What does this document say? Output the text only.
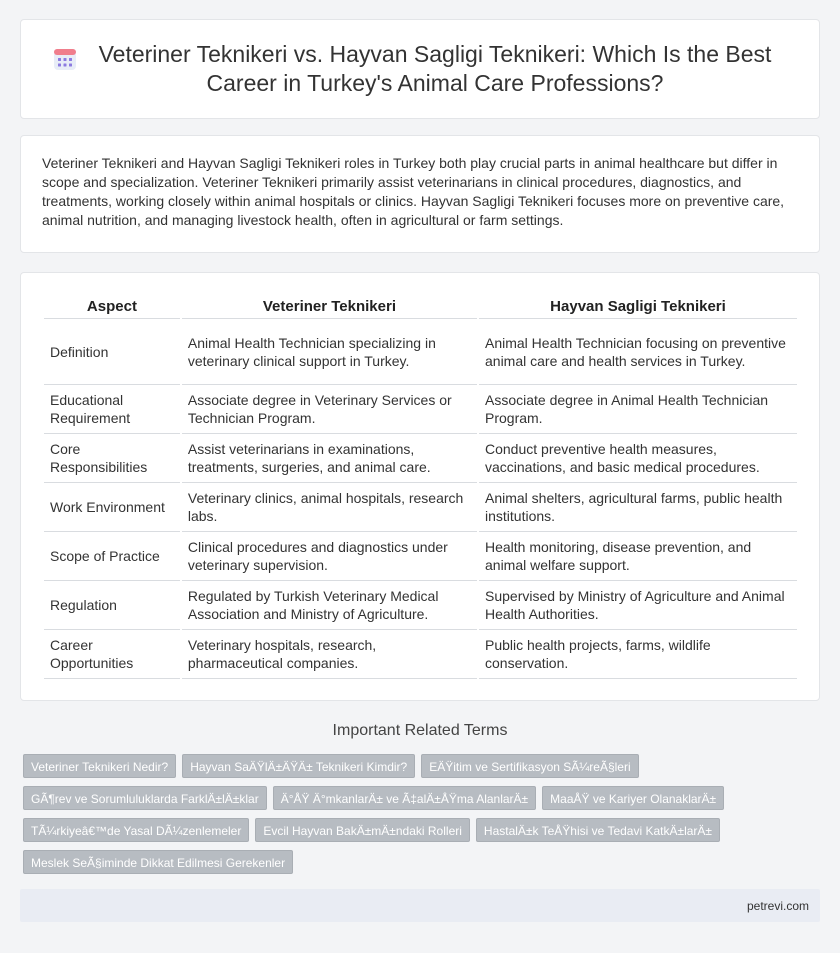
Veteriner Teknikeri vs. Hayvan Sagligi Teknikeri: Which Is the Best Career in Turkey's Animal Care Professions?

Veteriner Teknikeri and Hayvan Sagligi Teknikeri roles in Turkey both play crucial parts in animal healthcare but differ in scope and specialization. Veteriner Teknikeri primarily assist veterinarians in clinical procedures, diagnostics, and treatments, working closely within animal hospitals or clinics. Hayvan Sagligi Teknikeri focuses more on preventive care, animal nutrition, and managing livestock health, often in agricultural or farm settings.

Aspect	Veteriner Teknikeri	Hayvan Sagligi Teknikeri
Definition	Animal Health Technician specializing in veterinary clinical support in Turkey.	Animal Health Technician focusing on preventive animal care and health services in Turkey.
Educational Requirement	Associate degree in Veterinary Services or Technician Program.	Associate degree in Animal Health Technician Program.
Core Responsibilities	Assist veterinarians in examinations, treatments, surgeries, and animal care.	Conduct preventive health measures, vaccinations, and basic medical procedures.
Work Environment	Veterinary clinics, animal hospitals, research labs.	Animal shelters, agricultural farms, public health institutions.
Scope of Practice	Clinical procedures and diagnostics under veterinary supervision.	Health monitoring, disease prevention, and animal welfare support.
Regulation	Regulated by Turkish Veterinary Medical Association and Ministry of Agriculture.	Supervised by Ministry of Agriculture and Animal Health Authorities.
Career Opportunities	Veterinary hospitals, research, pharmaceutical companies.	Public health projects, farms, wildlife conservation.
Important Related Terms
Veteriner Teknikeri Nedir?	Hayvan SaÄŸlÄ±ÄŸÄ± Teknikeri Kimdir?	EÄŸitim ve Sertifikasyon SÃ¼reÃ§leri
GÃ¶rev ve Sorumluluklarda FarklÄ±lÄ±klar	Ä°ÅŸ Ä°mkanlarÄ± ve Ã‡alÄ±ÅŸma AlanlarÄ±	MaaÅŸ ve Kariyer OlanaklarÄ±
TÃ¼rkiyeâ€™de Yasal DÃ¼zenlemeler	Evcil Hayvan BakÄ±mÄ±ndaki Rolleri	HastalÄ±k TeÅŸhisi ve Tedavi KatkÄ±larÄ±
Meslek SeÃ§iminde Dikkat Edilmesi Gerekenler
petrevi.com
